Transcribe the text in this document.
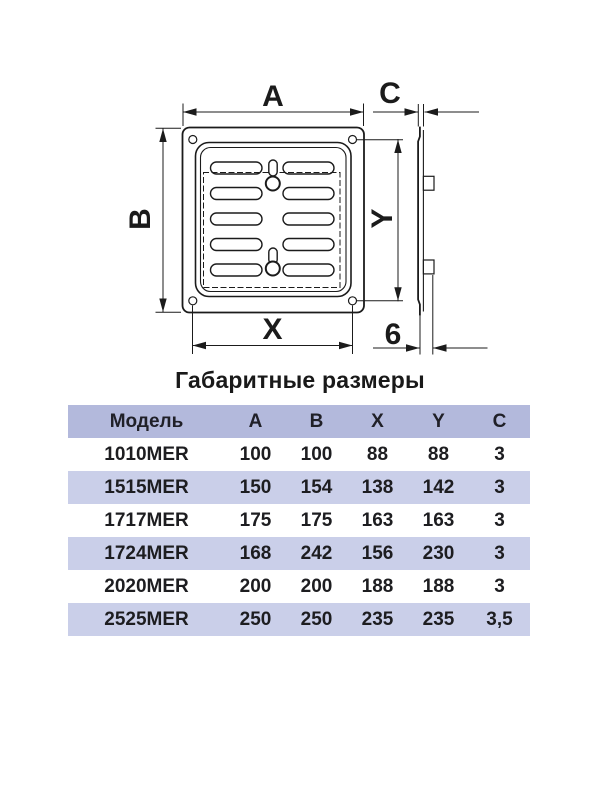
A
B
C
X
Y
6
Габаритные размеры
Модель	A	B	X	Y	C
1010MER	100	100	88	88	3
1515MER	150	154	138	142	3
1717MER	175	175	163	163	3
1724MER	168	242	156	230	3
2020MER	200	200	188	188	3
2525MER	250	250	235	235	3,5
